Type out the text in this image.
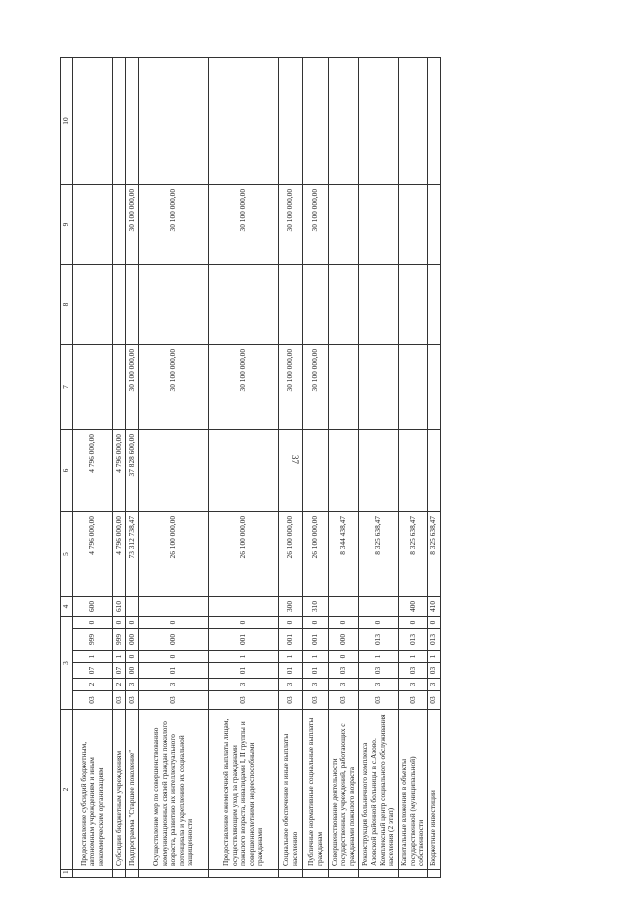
37
1	2	3						4	5	6	7	8	9	10
	Предоставление субсидий бюджетным, автономным учреждениям и иным некоммерческим организациям	03	2	07	1	999	0	600	4 796 000,00	4 796 000,00				
	Субсидии бюджетным учреждениям	03	2	07	1	999	0	610	4 796 000,00	4 796 000,00				
	Подпрограмма "Старшее поколение"	03	3	00	0	000	0		73 312 738,47	37 828 600,00	30 100 000,00		30 100 000,00	
	Осуществление мер по совершенствованию коммуникационных связей граждан пожилого возраста, развитию их интеллектуального потенциала и укреплению их социальной защищенности	03	3	01	0	000	0		26 100 000,00		30 100 000,00		30 100 000,00	
	Предоставление ежемесячной выплаты лицам, осуществляющим уход за гражданами пожилого возраста, инвалидами I, II группы и совершеннолетними недееспособными гражданами	03	3	01	1	001	0		26 100 000,00		30 100 000,00		30 100 000,00	
	Социальное обеспечение и иные выплаты населению	03	3	01	1	001	0	300	26 100 000,00		30 100 000,00		30 100 000,00	
	Публичные нормативные социальные выплаты гражданам	03	3	01	1	001	0	310	26 100 000,00		30 100 000,00		30 100 000,00	
	Совершенствование деятельности государственных учреждений, работающих с гражданами пожилого возраста	03	3	03	0	000	0		8 344 438,47					
	Реконструкция больничного комплекса Азовской районной больницы в с.Азово. Комплексный центр социального обслуживания населения (2 этап)	03	3	03	1	013	0		8 325 638,47					
	Капитальные вложения в объекты государственной (муниципальной) собственности	03	3	03	1	013	0	400	8 325 638,47					
	Бюджетные инвестиции	03	3	03	1	013	0	410	8 325 638,47					
